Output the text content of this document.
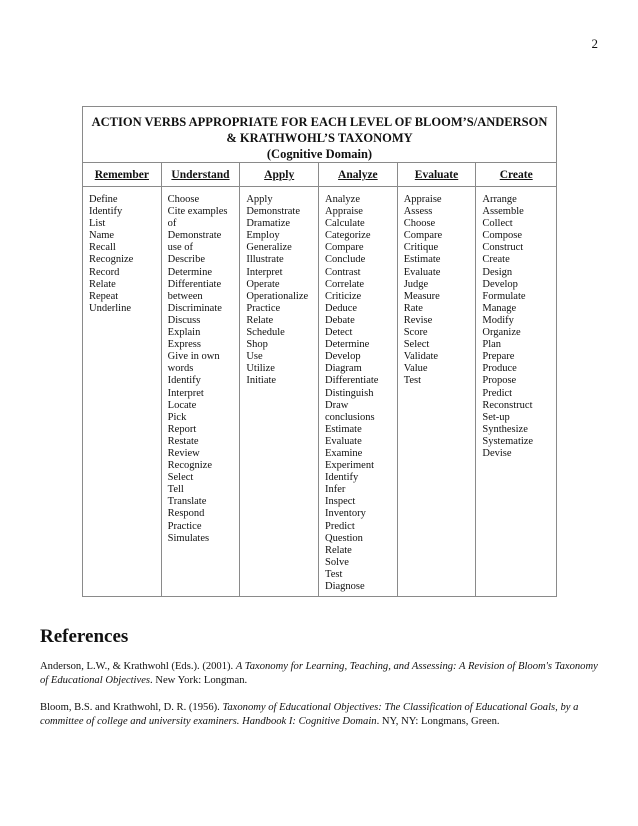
2
ACTION VERBS APPROPRIATE FOR EACH LEVEL OF BLOOM’S/ANDERSON
& KRATHWOHL’S TAXONOMY
(Cognitive Domain)
Remember
Define
Identify
List
Name
Recall
Recognize
Record
Relate
Repeat
Underline
Understand
Choose
Cite examples
of
Demonstrate
use of
Describe
Determine
Differentiate
between
Discriminate
Discuss
Explain
Express
Give in own
words
Identify
Interpret
Locate
Pick
Report
Restate
Review
Recognize
Select
Tell
Translate
Respond
Practice
Simulates
Apply
Apply
Demonstrate
Dramatize
Employ
Generalize
Illustrate
Interpret
Operate
Operationalize
Practice
Relate
Schedule
Shop
Use
Utilize
Initiate
Analyze
Analyze
Appraise
Calculate
Categorize
Compare
Conclude
Contrast
Correlate
Criticize
Deduce
Debate
Detect
Determine
Develop
Diagram
Differentiate
Distinguish
Draw
conclusions
Estimate
Evaluate
Examine
Experiment
Identify
Infer
Inspect
Inventory
Predict
Question
Relate
Solve
Test
Diagnose
Evaluate
Appraise
Assess
Choose
Compare
Critique
Estimate
Evaluate
Judge
Measure
Rate
Revise
Score
Select
Validate
Value
Test
Create
Arrange
Assemble
Collect
Compose
Construct
Create
Design
Develop
Formulate
Manage
Modify
Organize
Plan
Prepare
Produce
Propose
Predict
Reconstruct
Set-up
Synthesize
Systematize
Devise
References

Anderson, L.W., & Krathwohl (Eds.). (2001). A Taxonomy for Learning, Teaching, and Assessing: A Revision of Bloom's Taxonomy of Educational Objectives. New York: Longman.

Bloom, B.S. and Krathwohl, D. R. (1956). Taxonomy of Educational Objectives: The Classification of Educational Goals, by a committee of college and university examiners. Handbook I: Cognitive Domain. NY, NY: Longmans, Green.
